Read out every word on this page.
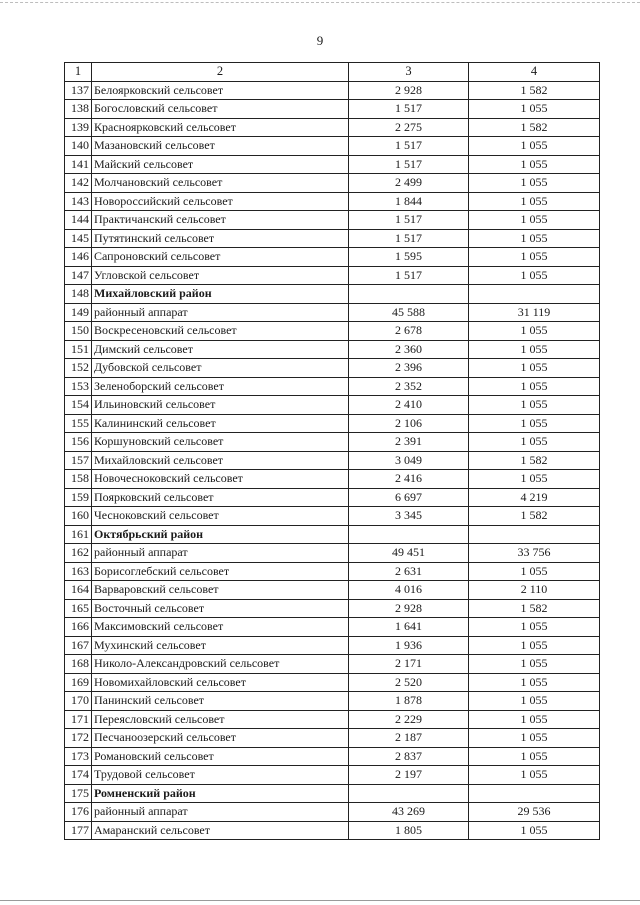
9
1	2	3	4
137	Белоярковский сельсовет	2 928	1 582
138	Богословский сельсовет	1 517	1 055
139	Красноярковский сельсовет	2 275	1 582
140	Мазановский сельсовет	1 517	1 055
141	Майский сельсовет	1 517	1 055
142	Молчановский сельсовет	2 499	1 055
143	Новороссийский сельсовет	1 844	1 055
144	Практичанский сельсовет	1 517	1 055
145	Путятинский сельсовет	1 517	1 055
146	Сапроновский сельсовет	1 595	1 055
147	Угловской сельсовет	1 517	1 055
148	Михайловский район		
149	районный аппарат	45 588	31 119
150	Воскресеновский сельсовет	2 678	1 055
151	Димский сельсовет	2 360	1 055
152	Дубовской сельсовет	2 396	1 055
153	Зеленоборский сельсовет	2 352	1 055
154	Ильиновский сельсовет	2 410	1 055
155	Калининский сельсовет	2 106	1 055
156	Коршуновский сельсовет	2 391	1 055
157	Михайловский сельсовет	3 049	1 582
158	Новочесноковский сельсовет	2 416	1 055
159	Поярковский сельсовет	6 697	4 219
160	Чесноковский сельсовет	3 345	1 582
161	Октябрьский район		
162	районный аппарат	49 451	33 756
163	Борисоглебский сельсовет	2 631	1 055
164	Варваровский сельсовет	4 016	2 110
165	Восточный сельсовет	2 928	1 582
166	Максимовский сельсовет	1 641	1 055
167	Мухинский сельсовет	1 936	1 055
168	Николо-Александровский сельсовет	2 171	1 055
169	Новомихайловский сельсовет	2 520	1 055
170	Панинский сельсовет	1 878	1 055
171	Переясловский сельсовет	2 229	1 055
172	Песчаноозерский сельсовет	2 187	1 055
173	Романовский сельсовет	2 837	1 055
174	Трудовой сельсовет	2 197	1 055
175	Ромненский район		
176	районный аппарат	43 269	29 536
177	Амаранский сельсовет	1 805	1 055
